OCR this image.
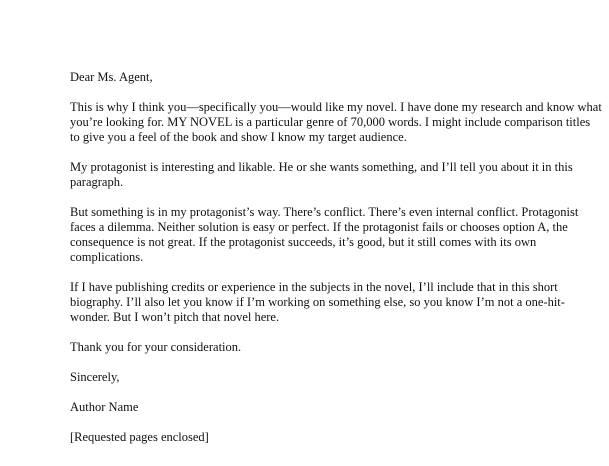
Dear Ms. Agent,

This is why I think you—specifically you—would like my novel. I have done my research and know what you’re looking for. MY NOVEL is a particular genre of 70,000 words. I might include comparison titles to give you a feel of the book and show I know my target audience.

My protagonist is interesting and likable. He or she wants something, and I’ll tell you about it in this paragraph.

But something is in my protagonist’s way. There’s conflict. There’s even internal conflict. Protagonist faces a dilemma. Neither solution is easy or perfect. If the protagonist fails or chooses option A, the consequence is not great. If the protagonist succeeds, it’s good, but it still comes with its own complications.

If I have publishing credits or experience in the subjects in the novel, I’ll include that in this short biography. I’ll also let you know if I’m working on something else, so you know I’m not a one-hit-wonder. But I won’t pitch that novel here.

Thank you for your consideration.

Sincerely,

Author Name

[Requested pages enclosed]
